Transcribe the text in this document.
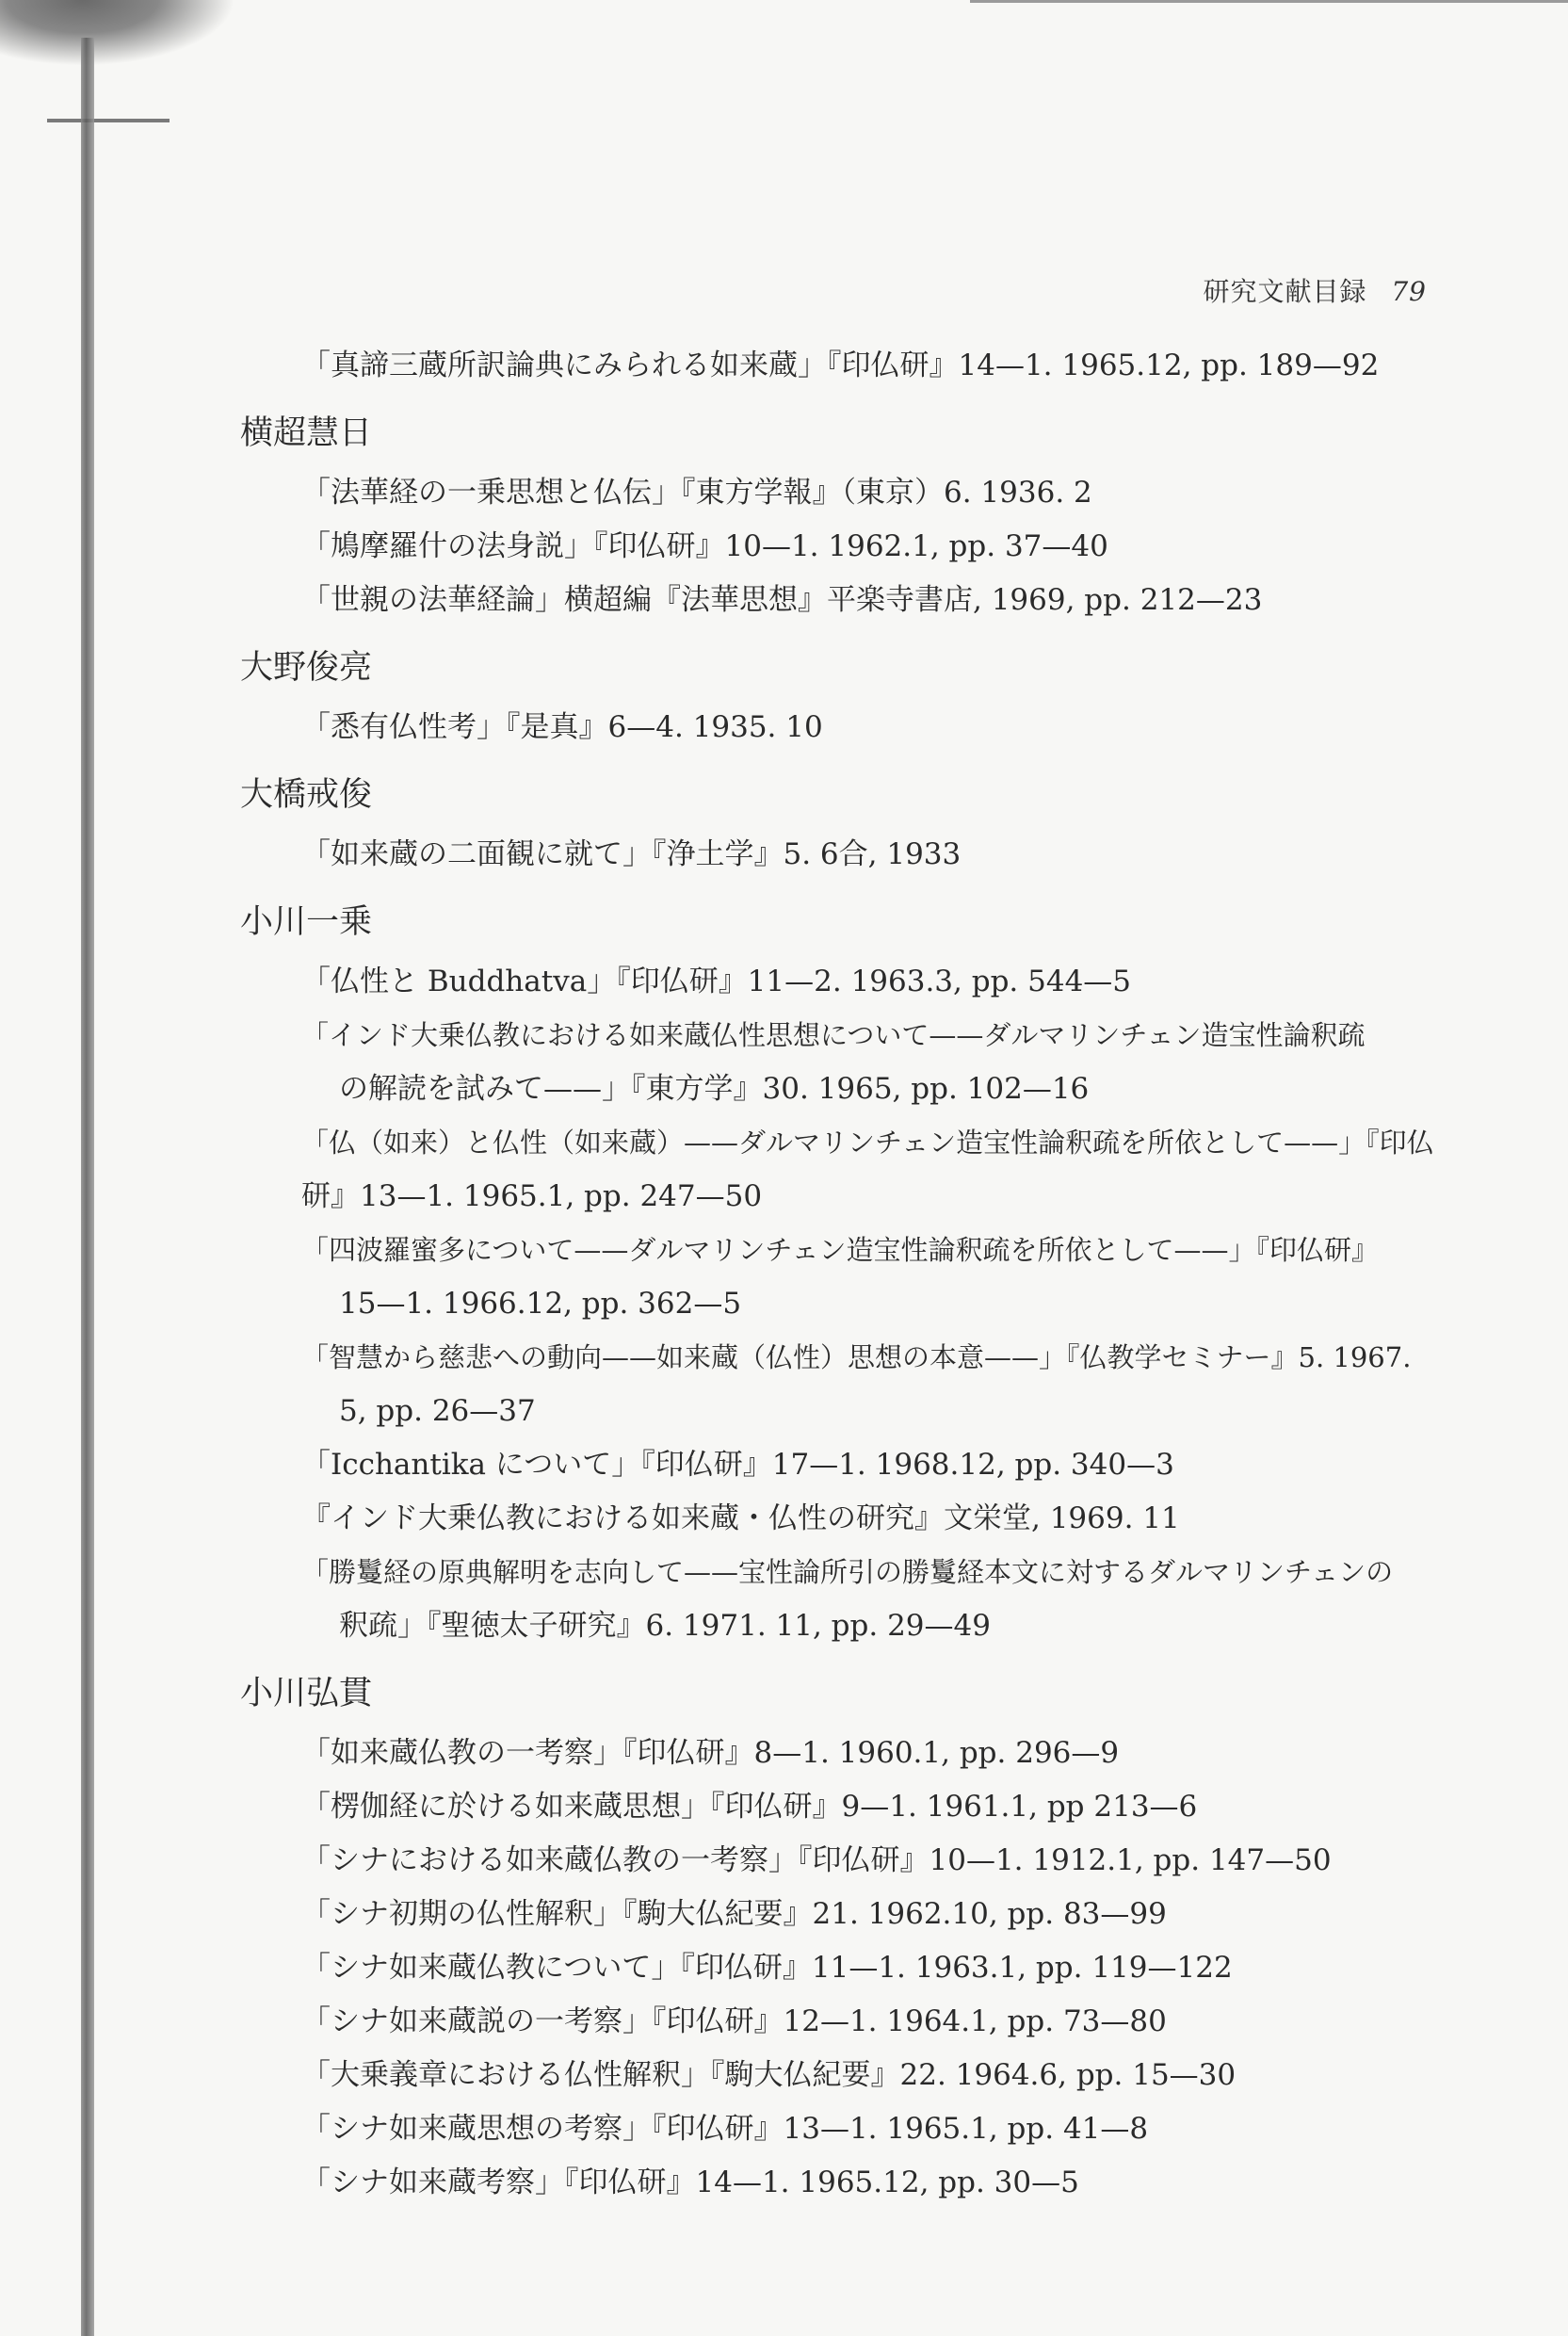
研究文献目録 79
「真諦三蔵所訳論典にみられる如来蔵」『印仏研』14—1. 1965.12, pp. 189—92
横超慧日
「法華経の一乗思想と仏伝」『東方学報』（東京）6. 1936. 2
「鳩摩羅什の法身説」『印仏研』10—1. 1962.1, pp. 37—40
「世親の法華経論」横超編『法華思想』平楽寺書店, 1969, pp. 212—23
大野俊亮
「悉有仏性考」『是真』6—4. 1935. 10
大橋戒俊
「如来蔵の二面観に就て」『浄土学』5. 6合, 1933
小川一乗
「仏性と Buddhatva」『印仏研』11—2. 1963.3, pp. 544—5
「インド大乗仏教における如来蔵仏性思想について——ダルマリンチェン造宝性論釈疏
の解読を試みて——」『東方学』30. 1965, pp. 102—16
「仏（如来）と仏性（如来蔵）——ダルマリンチェン造宝性論釈疏を所依として——」『印仏
研』13—1. 1965.1, pp. 247—50
「四波羅蜜多について——ダルマリンチェン造宝性論釈疏を所依として——」『印仏研』
15—1. 1966.12, pp. 362—5
「智慧から慈悲への動向——如来蔵（仏性）思想の本意——」『仏教学セミナー』5. 1967.
5, pp. 26—37
「Icchantika について」『印仏研』17—1. 1968.12, pp. 340—3
『インド大乗仏教における如来蔵・仏性の研究』文栄堂, 1969. 11
「勝鬘経の原典解明を志向して——宝性論所引の勝鬘経本文に対するダルマリンチェンの
釈疏」『聖徳太子研究』6. 1971. 11, pp. 29—49
小川弘貫
「如来蔵仏教の一考察」『印仏研』8—1. 1960.1, pp. 296—9
「楞伽経に於ける如来蔵思想」『印仏研』9—1. 1961.1, pp 213—6
「シナにおける如来蔵仏教の一考察」『印仏研』10—1. 1912.1, pp. 147—50
「シナ初期の仏性解釈」『駒大仏紀要』21. 1962.10, pp. 83—99
「シナ如来蔵仏教について」『印仏研』11—1. 1963.1, pp. 119—122
「シナ如来蔵説の一考察」『印仏研』12—1. 1964.1, pp. 73—80
「大乗義章における仏性解釈」『駒大仏紀要』22. 1964.6, pp. 15—30
「シナ如来蔵思想の考察」『印仏研』13—1. 1965.1, pp. 41—8
「シナ如来蔵考察」『印仏研』14—1. 1965.12, pp. 30—5
